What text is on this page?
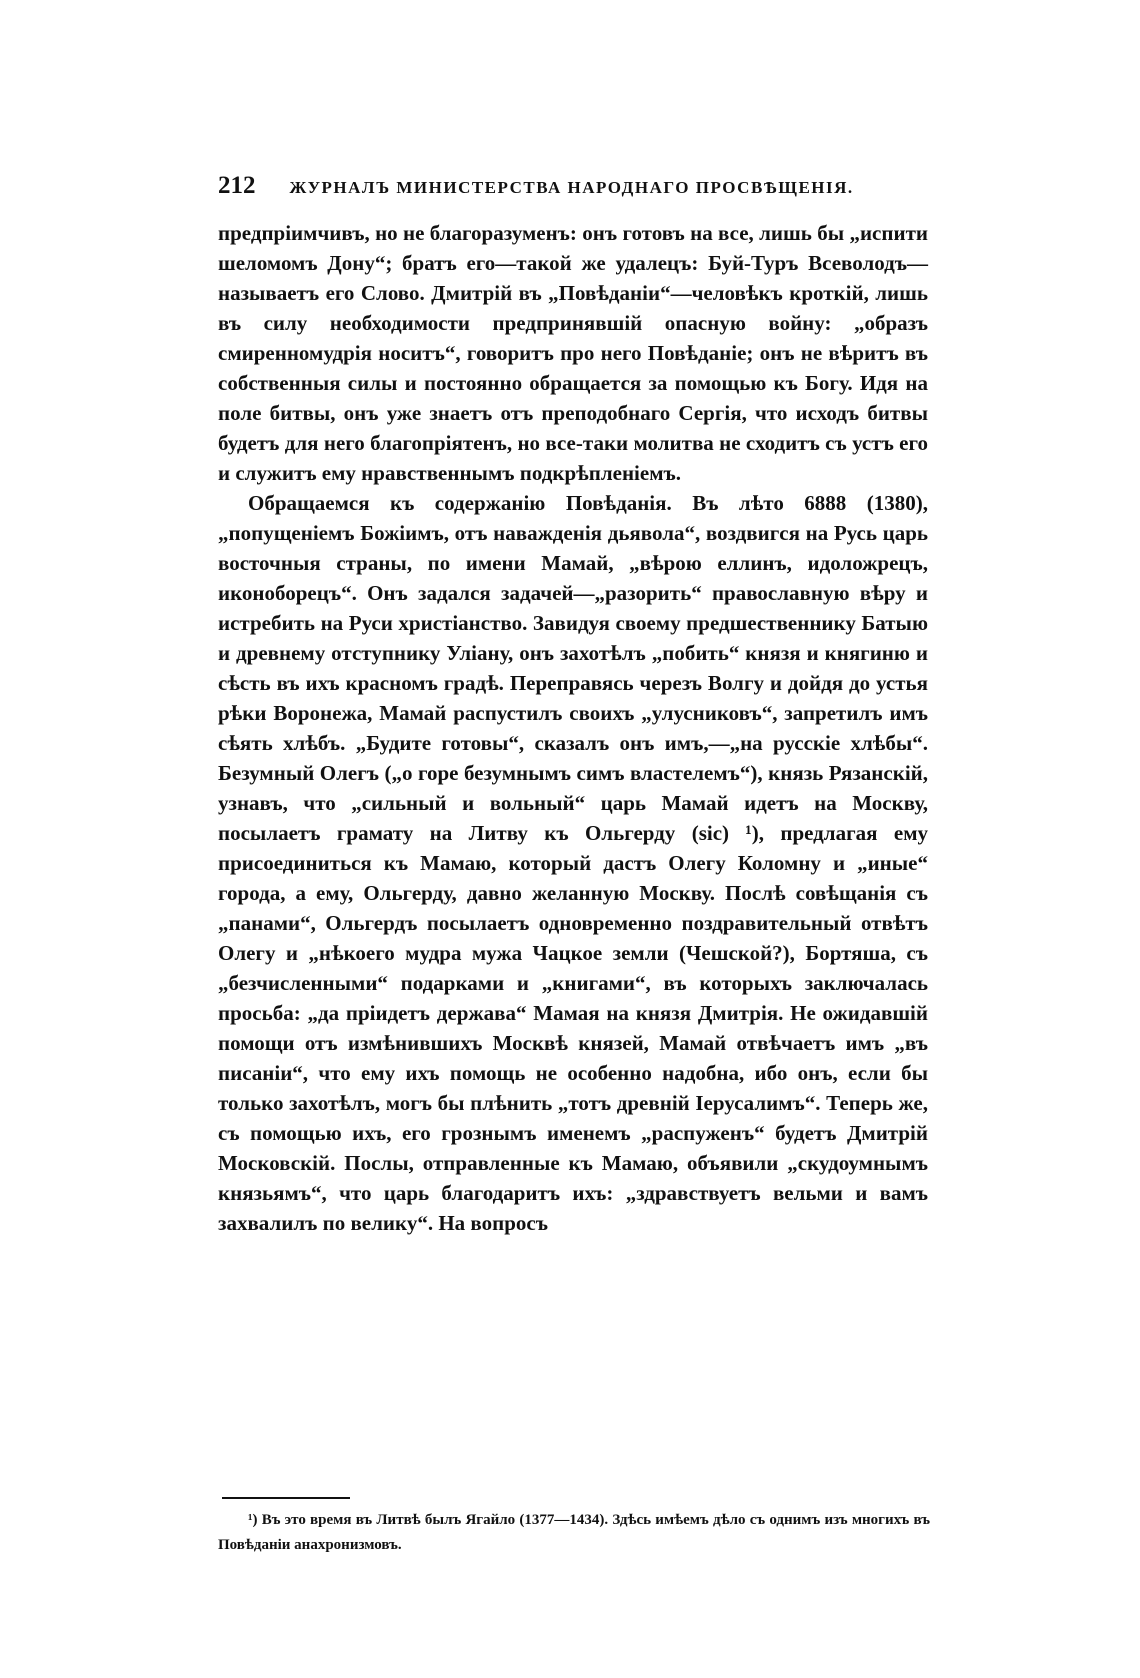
212 ЖУРНАЛЪ МИНИСТЕРСТВА НАРОДНАГО ПРОСВѢЩЕНІЯ.

предпріимчивъ, но не благоразуменъ: онъ готовъ на все, лишь бы „испити шеломомъ Дону“; братъ его—такой же удалецъ: Буй-Туръ Всеволодъ—называетъ его Слово. Дмитрій въ „Повѣданіи“—человѣкъ кроткій, лишь въ силу необходимости предпринявшій опасную войну: „образъ смиренномудрія носитъ“, говоритъ про него Повѣданіе; онъ не вѣритъ въ собственныя силы и постоянно обращается за помощью къ Богу. Идя на поле битвы, онъ уже знаетъ отъ преподобнаго Сергія, что исходъ битвы будетъ для него благопріятенъ, но все-таки молитва не сходитъ съ устъ его и служитъ ему нравственнымъ подкрѣпленіемъ.

Обращаемся къ содержанію Повѣданія. Въ лѣто 6888 (1380), „попущеніемъ Божіимъ, отъ наважденія дьявола“, воздвигся на Русь царь восточныя страны, по имени Мамай, „вѣрою еллинъ, идоложрецъ, иконоборецъ“. Онъ задался задачей—„разорить“ православную вѣру и истребить на Руси христіанство. Завидуя своему предшественнику Батыю и древнему отступнику Уліану, онъ захотѣлъ „побить“ князя и княгиню и сѣсть въ ихъ красномъ градѣ. Переправясь черезъ Волгу и дойдя до устья рѣки Воронежа, Мамай распустилъ своихъ „улусниковъ“, запретилъ имъ сѣять хлѣбъ. „Будите готовы“, сказалъ онъ имъ,—„на русскіе хлѣбы“. Безумный Олегъ („о горе безумнымъ симъ властелемъ“), князь Рязанскій, узнавъ, что „сильный и вольный“ царь Мамай идетъ на Москву, посылаетъ грамату на Литву къ Ольгерду (sic) ¹), предлагая ему присоединиться къ Мамаю, который дастъ Олегу Коломну и „иные“ города, а ему, Ольгерду, давно желанную Москву. Послѣ совѣщанія съ „панами“, Ольгердъ посылаетъ одновременно поздравительный отвѣтъ Олегу и „нѣкоего мудра мужа Чацкое земли (Чешской?), Бортяша, съ „безчисленными“ подарками и „книгами“, въ которыхъ заключалась просьба: „да пріидетъ держава“ Мамая на князя Дмитрія. Не ожидавшій помощи отъ измѣнившихъ Москвѣ князей, Мамай отвѣчаетъ имъ „въ писаніи“, что ему ихъ помощь не особенно надобна, ибо онъ, если бы только захотѣлъ, могъ бы плѣнить „тотъ древній Іерусалимъ“. Теперь же, съ помощью ихъ, его грознымъ именемъ „распуженъ“ будетъ Дмитрій Московскій. Послы, отправленные къ Мамаю, объявили „скудоумнымъ князьямъ“, что царь благодаритъ ихъ: „здравствуетъ вельми и вамъ захвалилъ по велику“. На вопросъ

¹) Въ это время въ Литвѣ былъ Ягайло (1377—1434). Здѣсь имѣемъ дѣло съ однимъ изъ многихъ въ Повѣданіи анахронизмовъ.
